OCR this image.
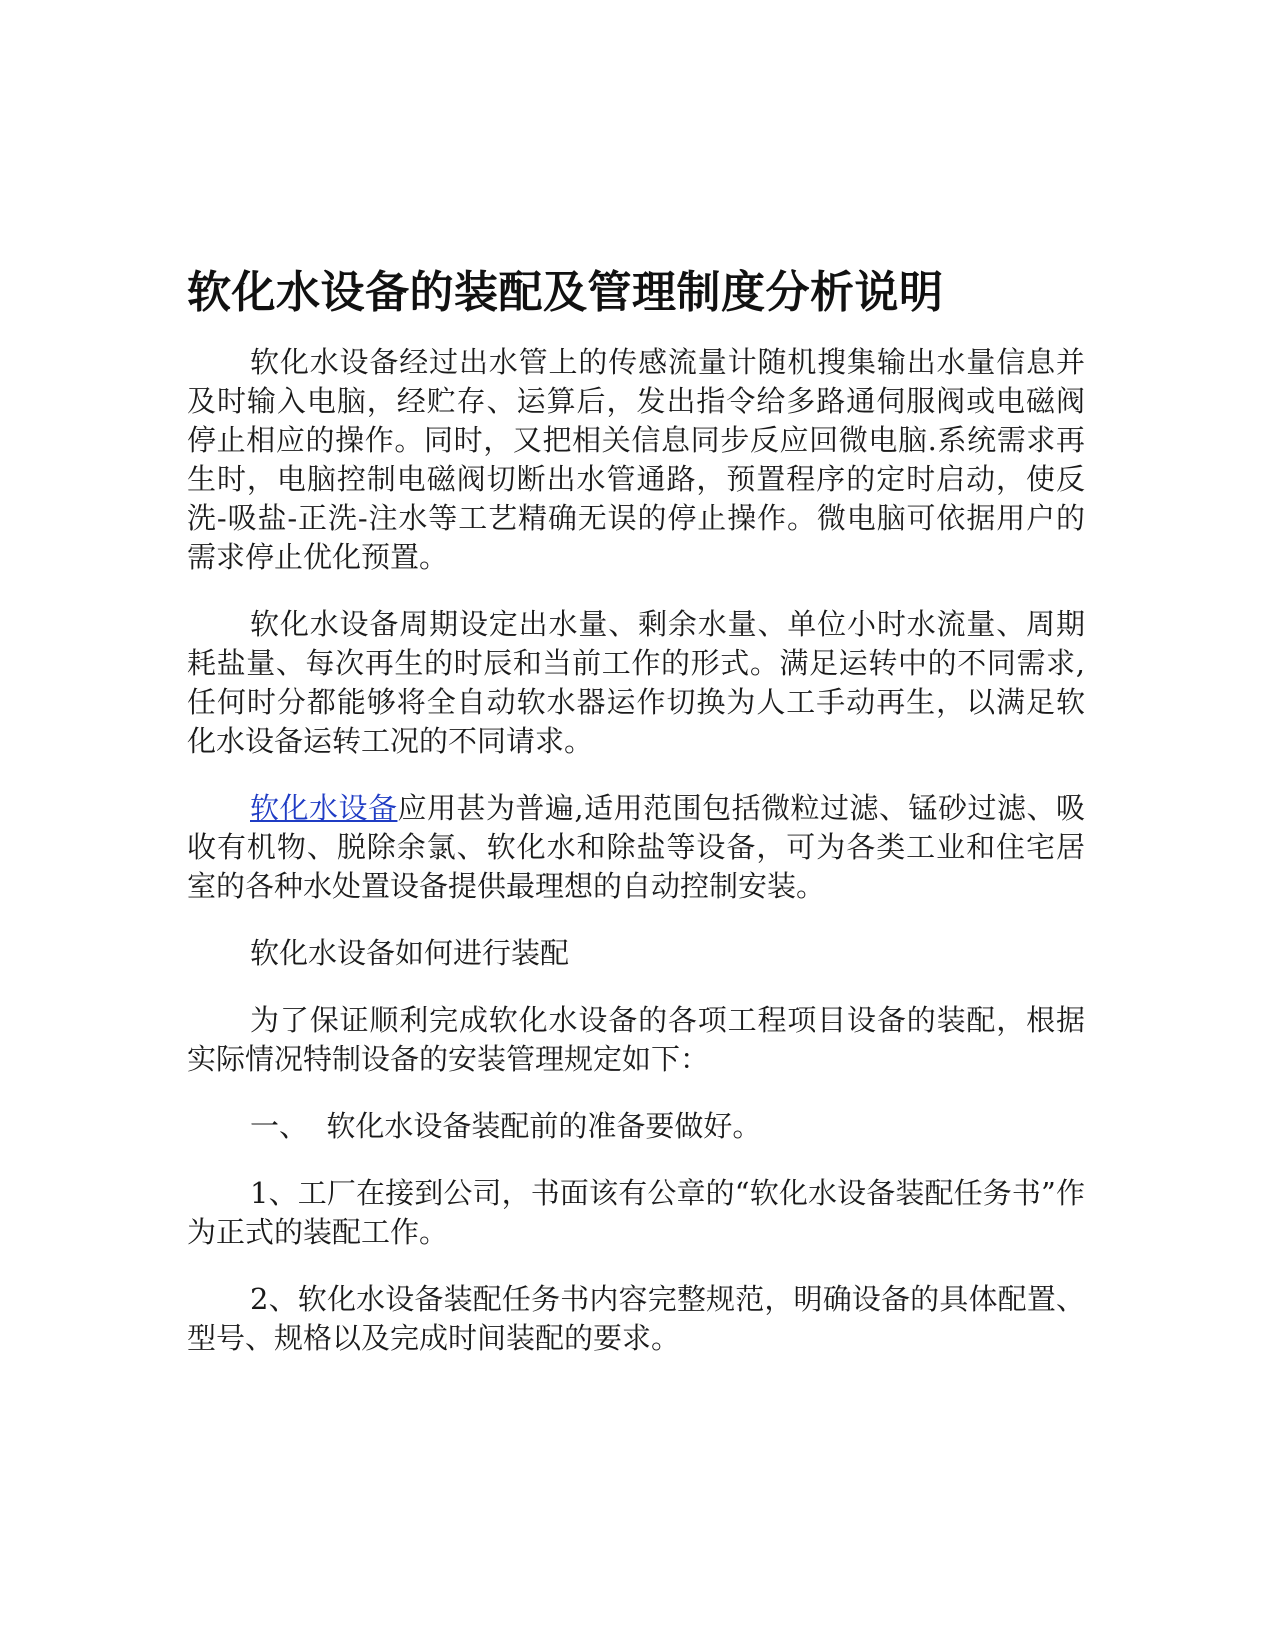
软化水设备的装配及管理制度分析说明

软化水设备经过出水管上的传感流量计随机搜集输出水量信息并及时输入电脑，经贮存、运算后，发出指令给多路通伺服阀或电磁阀停止相应的操作。同时，又把相关信息同步反应回微电脑.系统需求再生时，电脑控制电磁阀切断出水管通路，预置程序的定时启动，使反洗-吸盐-正洗-注水等工艺精确无误的停止操作。微电脑可依据用户的需求停止优化预置。

软化水设备周期设定出水量、剩余水量、单位小时水流量、周期耗盐量、每次再生的时辰和当前工作的形式。满足运转中的不同需求,任何时分都能够将全自动软水器运作切换为人工手动再生，以满足软化水设备运转工况的不同请求。

软化水设备应用甚为普遍,适用范围包括微粒过滤、锰砂过滤、吸收有机物、脱除余氯、软化水和除盐等设备，可为各类工业和住宅居室的各种水处置设备提供最理想的自动控制安装。

软化水设备如何进行装配

为了保证顺利完成软化水设备的各项工程项目设备的装配，根据实际情况特制设备的安装管理规定如下：

一、  软化水设备装配前的准备要做好。

1、工厂在接到公司，书面该有公章的“软化水设备装配任务书”作为正式的装配工作。

2、软化水设备装配任务书内容完整规范，明确设备的具体配置、型号、规格以及完成时间装配的要求。
